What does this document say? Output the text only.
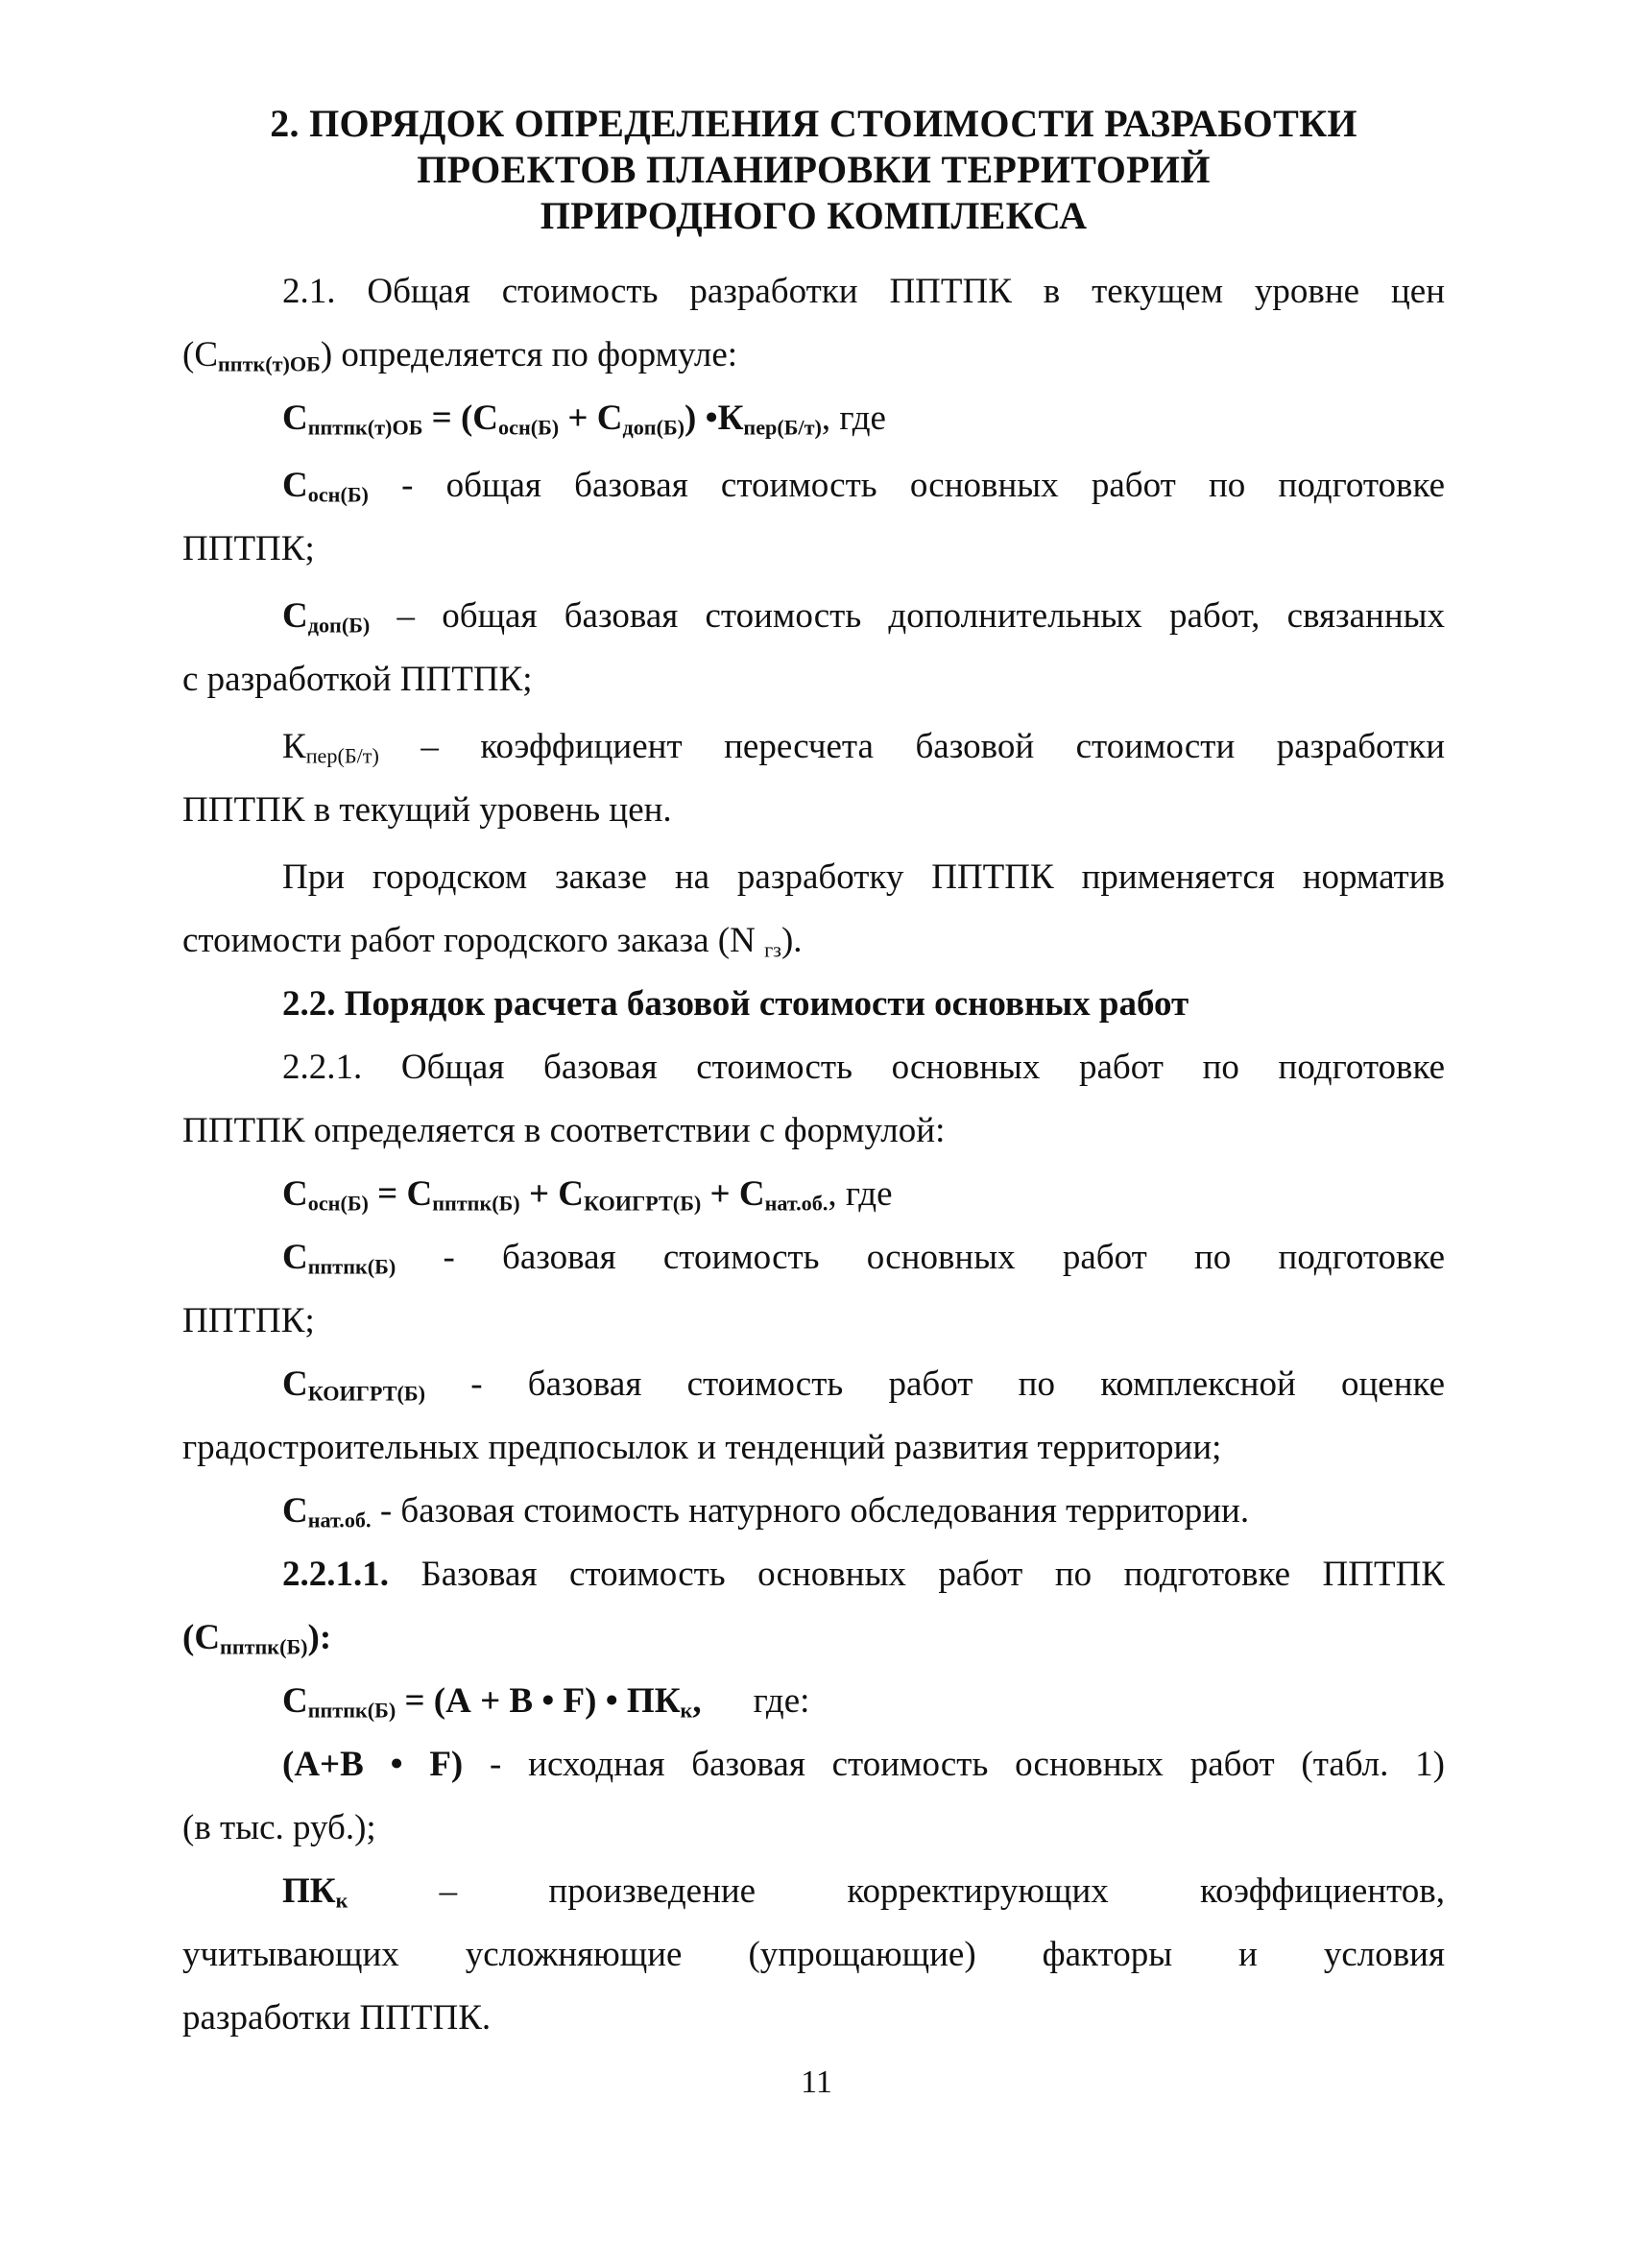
2. ПОРЯДОК ОПРЕДЕЛЕНИЯ СТОИМОСТИ РАЗРАБОТКИ
ПРОЕКТОВ ПЛАНИРОВКИ ТЕРРИТОРИЙ
ПРИРОДНОГО КОМПЛЕКСА

2.1. Общая стоимость разработки ППТПК в текущем уровне цен

$(С_{пптк(т)ОБ})$ определяется по формуле:

$С_{пптпк(т)ОБ} = (С_{осн(Б)} + С_{доп(Б)})$ $•К_{пер(Б/т)}$, где

$С_{осн(Б)}$ - общая базовая стоимость основных работ по подготовке

ППТПК;

$С_{доп(Б)}$ – общая базовая стоимость дополнительных работ, связанных

с разработкой ППТПК;

$К_{пер(Б/т)}$ – коэффициент пересчета базовой стоимости разработки

ППТПК в текущий уровень цен.

При городском заказе на разработку ППТПК применяется норматив

стоимости работ городского заказа (N $_{гз}$).

2.2. Порядок расчета базовой стоимости основных работ

2.2.1. Общая базовая стоимость основных работ по подготовке

ППТПК определяется в соответствии с формулой:

$С_{осн(Б)} = С_{пптпк(Б)} + С_{КОИГРТ(Б)} + С_{нат.об.}$, где

$С_{пптпк(Б)}$ - базовая стоимость основных работ по подготовке

ППТПК;

$С_{КОИГРТ(Б)}$ - базовая стоимость работ по комплексной оценке

градостроительных предпосылок и тенденций развития территории;

$С_{нат.об.}$ - базовая стоимость натурного обследования территории.

2.2.1.1. Базовая стоимость основных работ по подготовке ППТПК

$(С_{пптпк(Б)})$:

$С_{пптпк(Б)} = (А + В$ • F) • $ПК_к$, где:

(А+В • F) - исходная базовая стоимость основных работ (табл. 1)

(в тыс. руб.);

$ПК_к$ – произведение корректирующих коэффициентов,

учитывающих усложняющие (упрощающие) факторы и условия

разработки ППТПК.

11
